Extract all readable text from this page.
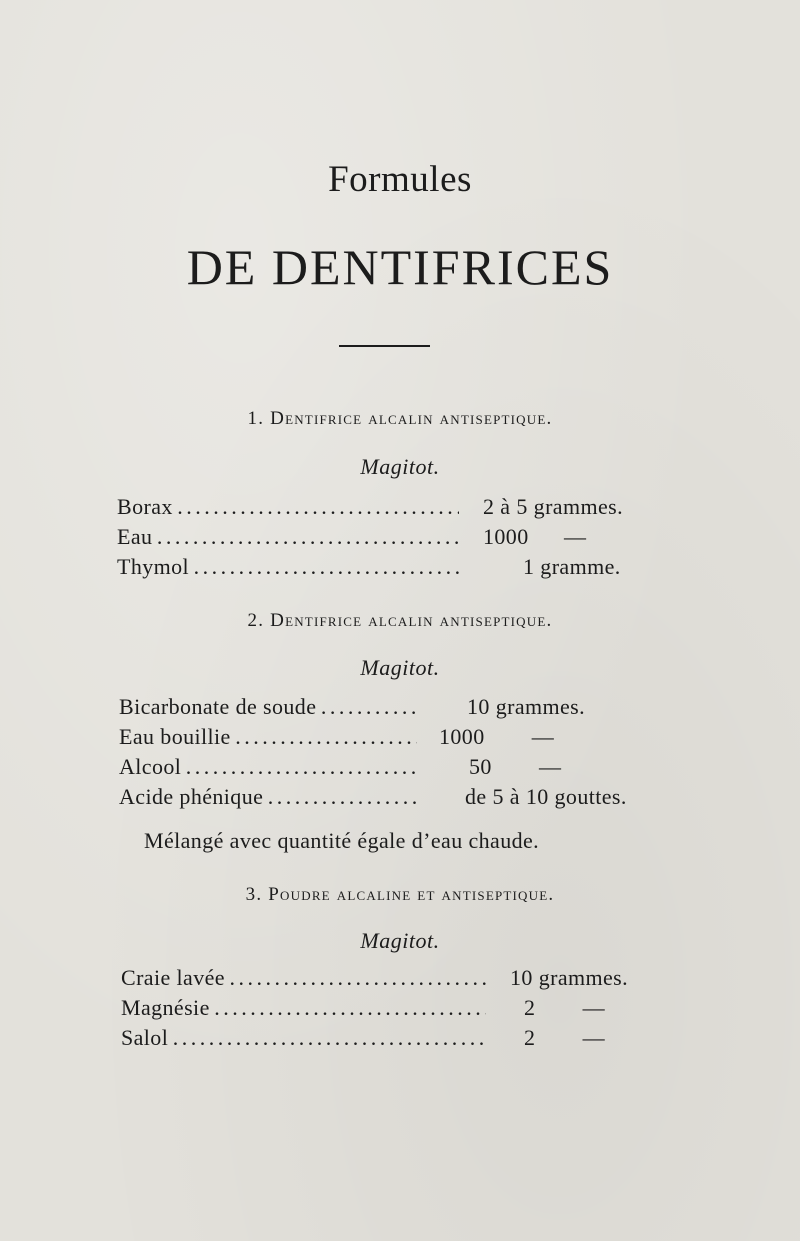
Formules
DE DENTIFRICES
1. Dentifrice alcalin antiseptique.
Magitot.
Borax . . .	2 à 5 grammes.
Eau . . .	1000      —
Thymol . . .	1 gramme.
2. Dentifrice alcalin antiseptique.
Magitot.
Bicarbonate de soude . . .	10 grammes.
Eau bouillie . . .	1000        —
Alcool . . .	50        —
Acide phénique . . .	de 5 à 10 gouttes.
Mélangé avec quantité égale d’eau chaude.
3. Poudre alcaline et antiseptique.
Magitot.
Craie lavée . . .	10 grammes.
Magnésie . . .	2        —
Salol . . .	2        —
